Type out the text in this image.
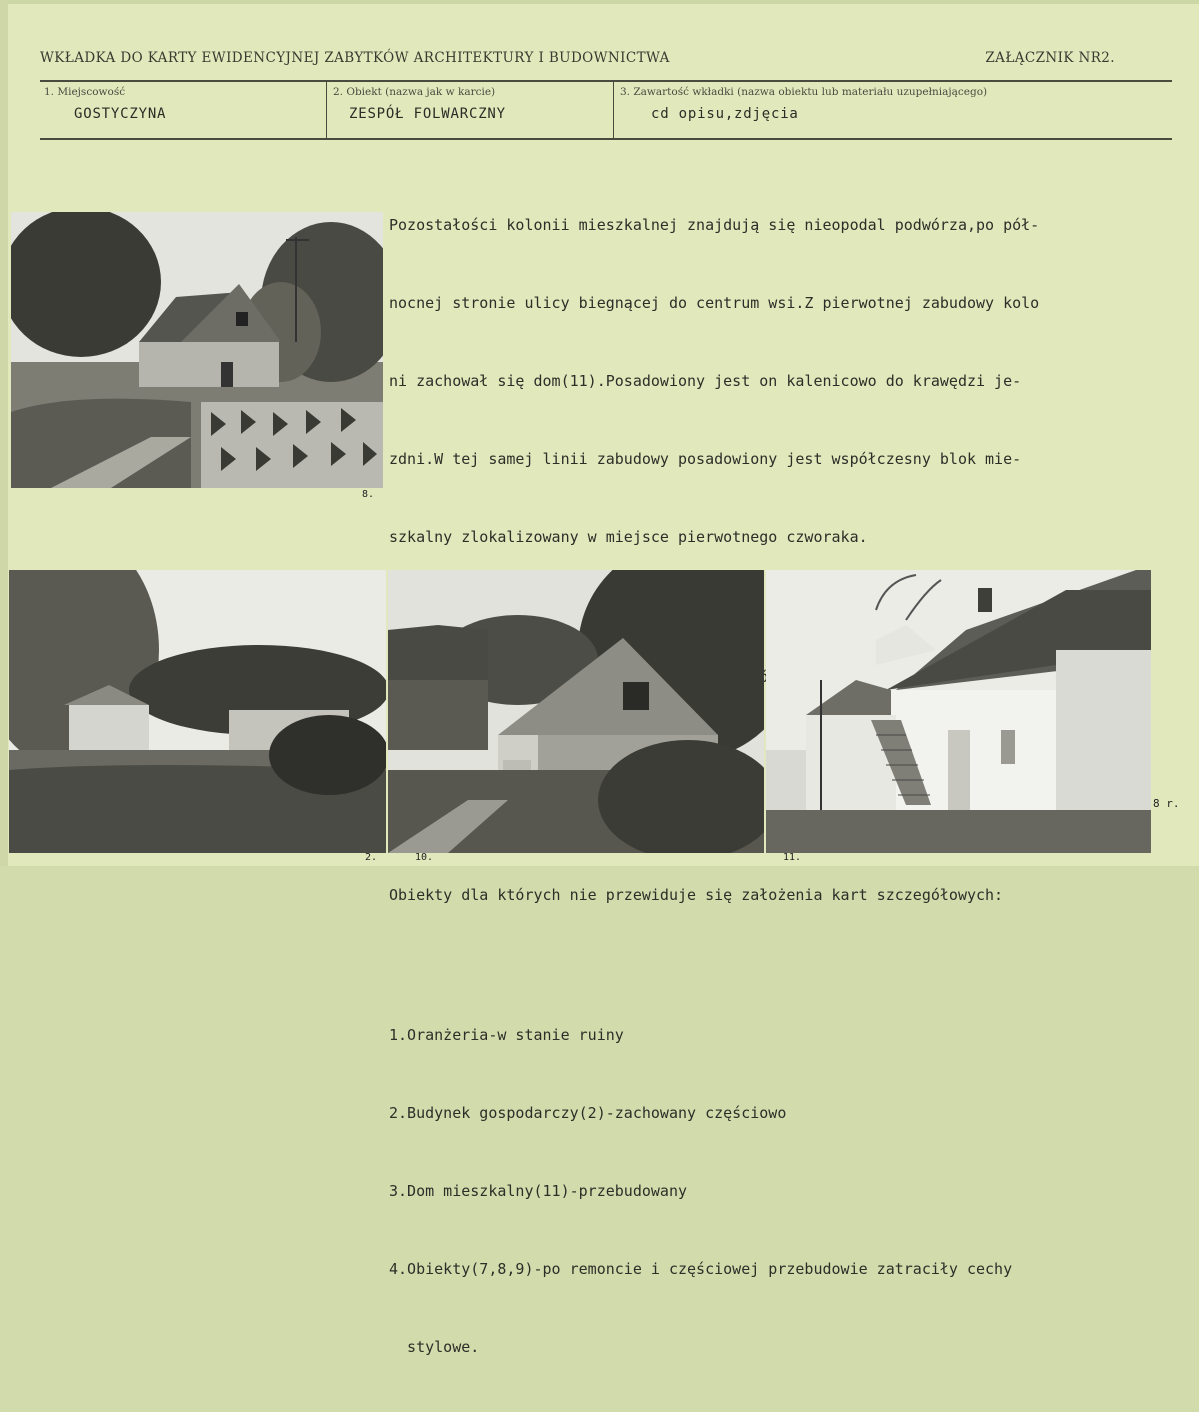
WKŁADKA DO KARTY EWIDENCYJNEJ ZABYTKÓW ARCHITEKTURY I BUDOWNICTWA	ZAŁĄCZNIK NR2.
1. Miejscowość
GOSTYCZYNA
2. Obiekt (nazwa jak w karcie)
ZESPÓŁ FOLWARCZNY
3. Zawartość wkładki (nazwa obiektu lub materiału uzupełniającego)
cd opisu,zdjęcia

Pozostałości kolonii mieszkalnej znajdują się nieopodal podwórza,po pół-

nocnej stronie ulicy biegnącej do centrum wsi.Z pierwotnej zabudowy kolo

ni zachował się dom(11).Posadowiony jest on kalenicowo do krawędzi je-

zdni.W tej samej linii zabudowy posadowiony jest współczesny blok mie-

szkalny zlokalizowany w miejsce pierwotnego czworaka.

Obiekty dla których nie przewiduje się założenia kart szczegółowych:

1.Oranżeria-w stanie ruiny

2.Budynek gospodarczy(2)-zachowany częściowo

3.Dom mieszkalny(11)-przebudowany

4.Obiekty(7,8,9)-po remoncie i częściowej przebudowie zatraciły cechy

stylowe.

8.
2.	10.	11.
8 r.
